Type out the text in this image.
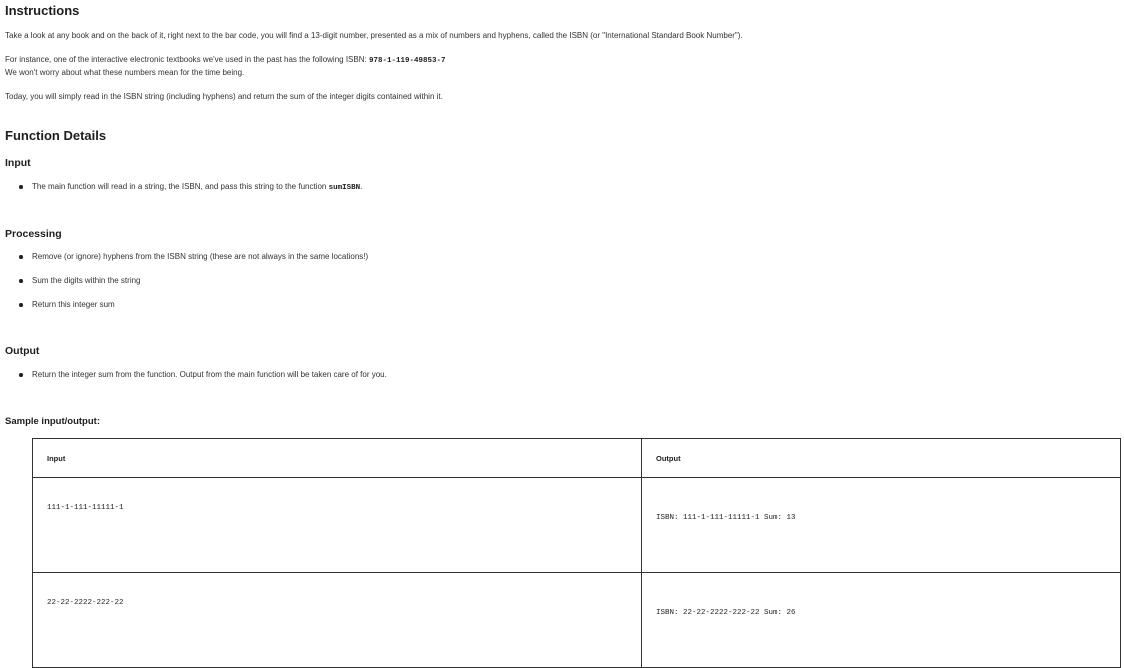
Instructions

Take a look at any book and on the back of it, right next to the bar code, you will find a 13-digit number, presented as a mix of numbers and hyphens, called the ISBN (or "International Standard Book Number").

For instance, one of the interactive electronic textbooks we've used in the past has the following ISBN: 978-1-119-49853-7

We won't worry about what these numbers mean for the time being.

Today, you will simply read in the ISBN string (including hyphens) and return the sum of the integer digits contained within it.

Function Details
Input
The main function will read in a string, the ISBN, and pass this string to the function sumISBN.
Processing
Remove (or ignore) hyphens from the ISBN string (these are not always in the same locations!)
Sum the digits within the string
Return this integer sum
Output
Return the integer sum from the function. Output from the main function will be taken care of for you.
Sample input/output:
Input	Output
111-1-111-11111-1	ISBN: 111-1-111-11111-1 Sum: 13
22-22-2222-222-22	ISBN: 22-22-2222-222-22 Sum: 26
